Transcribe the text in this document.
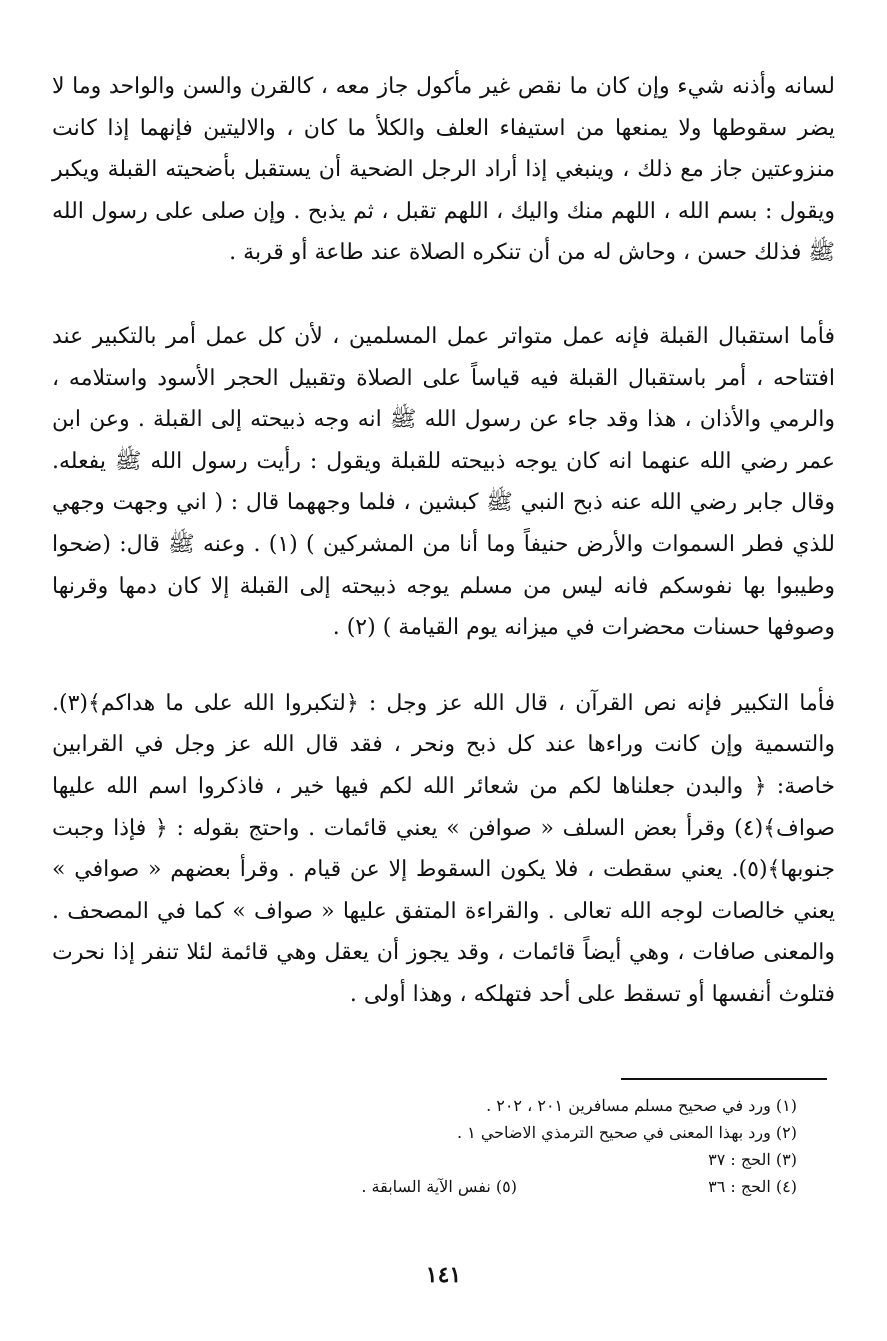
لسانه وأذنه شيء وإن كان ما نقص غير مأكول جاز معه ، كالقرن والسن والواحد وما لا يضر سقوطها ولا يمنعها من استيفاء العلف والكلأ ما كان ، والاليتين فإنهما إذا كانت منزوعتين جاز مع ذلك ، وينبغي إذا أراد الرجل الضحية أن يستقبل بأضحيته القبلة ويكبر ويقول : بسم الله ، اللهم منك واليك ، اللهم تقبل ، ثم يذبح . وإن صلى على رسول الله ﷺ فذلك حسن ، وحاش له من أن تنكره الصلاة عند طاعة أو قربة .

فأما استقبال القبلة فإنه عمل متواتر عمل المسلمين ، لأن كل عمل أمر بالتكبير عند افتتاحه ، أمر باستقبال القبلة فيه قياساً على الصلاة وتقبيل الحجر الأسود واستلامه ، والرمي والأذان ، هذا وقد جاء عن رسول الله ﷺ انه وجه ذبيحته إلى القبلة . وعن ابن عمر رضي الله عنهما انه كان يوجه ذبيحته للقبلة ويقول : رأيت رسول الله ﷺ يفعله. وقال جابر رضي الله عنه ذبح النبي ﷺ كبشين ، فلما وجههما قال : ( اني وجهت وجهي للذي فطر السموات والأرض حنيفاً وما أنا من المشركين ) (١) . وعنه ﷺ قال: (ضحوا وطيبوا بها نفوسكم فانه ليس من مسلم يوجه ذبيحته إلى القبلة إلا كان دمها وقرنها وصوفها حسنات محضرات في ميزانه يوم القيامة ) (٢) .

فأما التكبير فإنه نص القرآن ، قال الله عز وجل : ﴿لتكبروا الله على ما هداكم﴾(٣). والتسمية وإن كانت وراءها عند كل ذبح ونحر ، فقد قال الله عز وجل في القرابين خاصة: ﴿ والبدن جعلناها لكم من شعائر الله لكم فيها خير ، فاذكروا اسم الله عليها صواف﴾(٤) وقرأ بعض السلف « صوافن » يعني قائمات . واحتج بقوله : ﴿ فإذا وجبت جنوبها﴾(٥). يعني سقطت ، فلا يكون السقوط إلا عن قيام . وقرأ بعضهم « صوافي » يعني خالصات لوجه الله تعالى . والقراءة المتفق عليها « صواف » كما في المصحف . والمعنى صافات ، وهي أيضاً قائمات ، وقد يجوز أن يعقل وهي قائمة لئلا تنفر إذا نحرت فتلوث أنفسها أو تسقط على أحد فتهلكه ، وهذا أولى .

(١) ورد في صحيح مسلم مسافرين ٢٠١ ، ٢٠٢ .
(٢) ورد بهذا المعنى في صحيح الترمذي الاضاحي ١ .
(٣) الحج : ٣٧
(٤) الحج : ٣٦
(٥) نفس الآية السابقة .
١٤١
